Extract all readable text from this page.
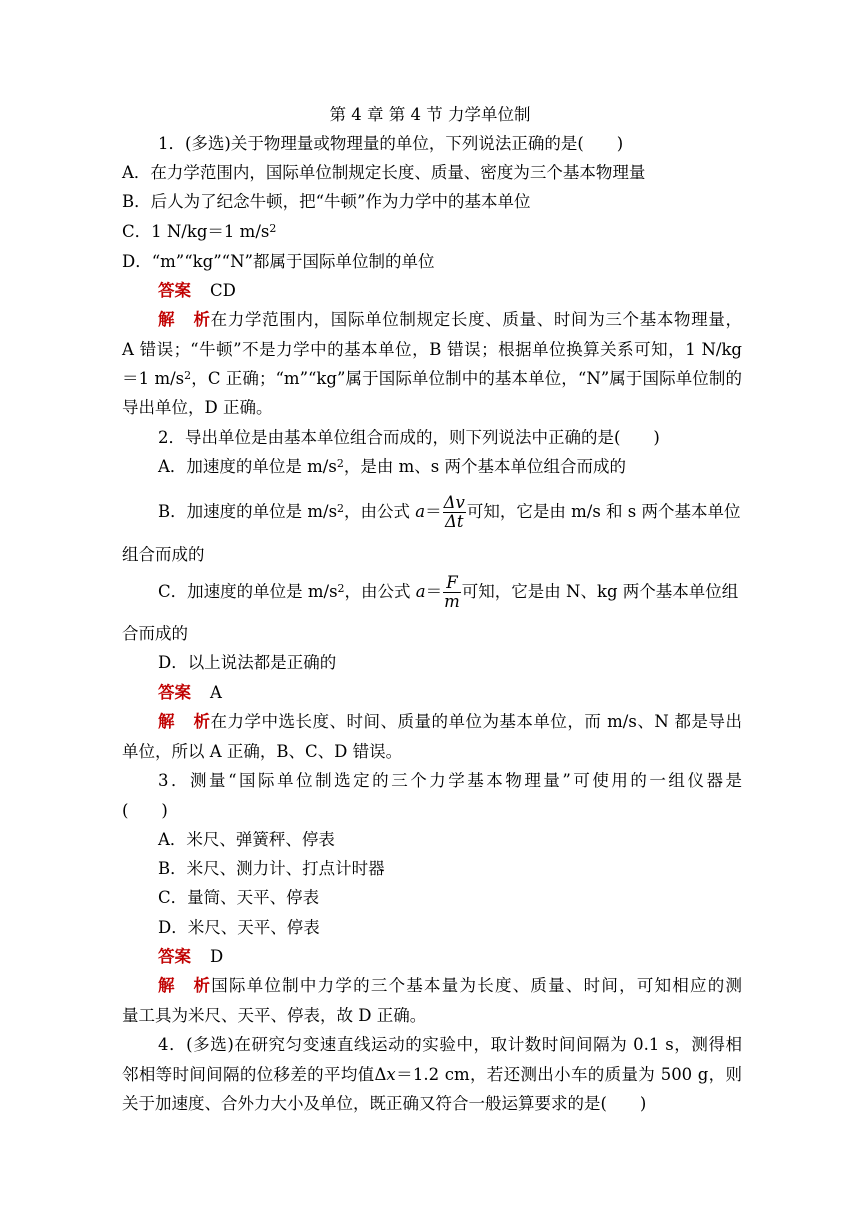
第 4 章 第 4 节 力学单位制
1．(多选)关于物理量或物理量的单位，下列说法正确的是(　　)
A．在力学范围内，国际单位制规定长度、质量、密度为三个基本物理量
B．后人为了纪念牛顿，把“牛顿”作为力学中的基本单位
C．1 N/kg＝1 $m/s^2$
D．“m”“kg”“N”都属于国际单位制的单位
答案 CD
解析在力学范围内，国际单位制规定长度、质量、时间为三个基本物理量，
A 错误；“牛顿”不是力学中的基本单位，B 错误；根据单位换算关系可知，1 N/kg
＝1 $m/s^2$，C 正确；“m”“kg”属于国际单位制中的基本单位，“N”属于国际单位制的
导出单位，D 正确。
2．导出单位是由基本单位组合而成的，则下列说法中正确的是(　　)
A．加速度的单位是 $m/s^2$，是由 m、s 两个基本单位组合而成的
B．加速度的单位是 $m/s^2$，由公式 $a= \frac{\Delta v}{\Delta t}$ 可知，它是由 m/s 和 s 两个基本单位
组合而成的
C．加速度的单位是 $m/s^2$，由公式 $a= \frac{F}{m}$ 可知，它是由 N、kg 两个基本单位组
合而成的
D．以上说法都是正确的
答案 A
解析在力学中选长度、时间、质量的单位为基本单位，而 m/s、N 都是导出
单位，所以 A 正确，B、C、D 错误。
3．测量“国际单位制选定的三个力学基本物理量”可使用的一组仪器是
(　　)
A．米尺、弹簧秤、停表
B．米尺、测力计、打点计时器
C．量筒、天平、停表
D．米尺、天平、停表
答案 D
解析国际单位制中力学的三个基本量为长度、质量、时间，可知相应的测
量工具为米尺、天平、停表，故 D 正确。
4．(多选)在研究匀变速直线运动的实验中，取计数时间间隔为 0.1 s，测得相
邻相等时间间隔的位移差的平均值Δx＝1.2 cm，若还测出小车的质量为 500 g，则
关于加速度、合外力大小及单位，既正确又符合一般运算要求的是(　　)
